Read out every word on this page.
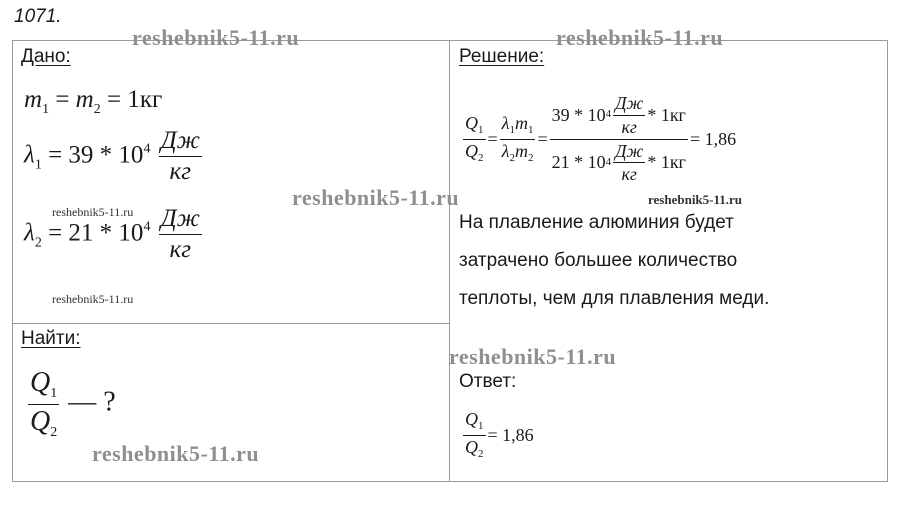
1071.
Дано:
$m_1 = m_2 = 1кг$
$\lambda_1 = 39 * 10^4 \frac{Дж}{кг}$
$\lambda_2 = 21 * 10^4 \frac{Дж}{кг}$
Найти:
$\frac{Q_1}{Q_2}$ — ?
Решение:
$\frac{Q_1}{Q_2} = \frac{\lambda_1m_1}{\lambda_2m_2} = \frac{39 * 10 4 \frac{Дж}{кг} * 1кг}{21 * 10 4 \frac{Дж}{кг} * 1кг} = 1,86$
На плавление алюминия будет
затрачено большее количество
теплоты, чем для плавления меди.
Ответ:
$\frac{Q_1}{Q_2} = 1,86$
reshebnik5-11.ru	reshebnik5-11.ru
reshebnik5-11.ru
reshebnik5-11.ru
reshebnik5-11.ru
reshebnik5-11.ru
reshebnik5-11.ru
reshebnik5-11.ru
